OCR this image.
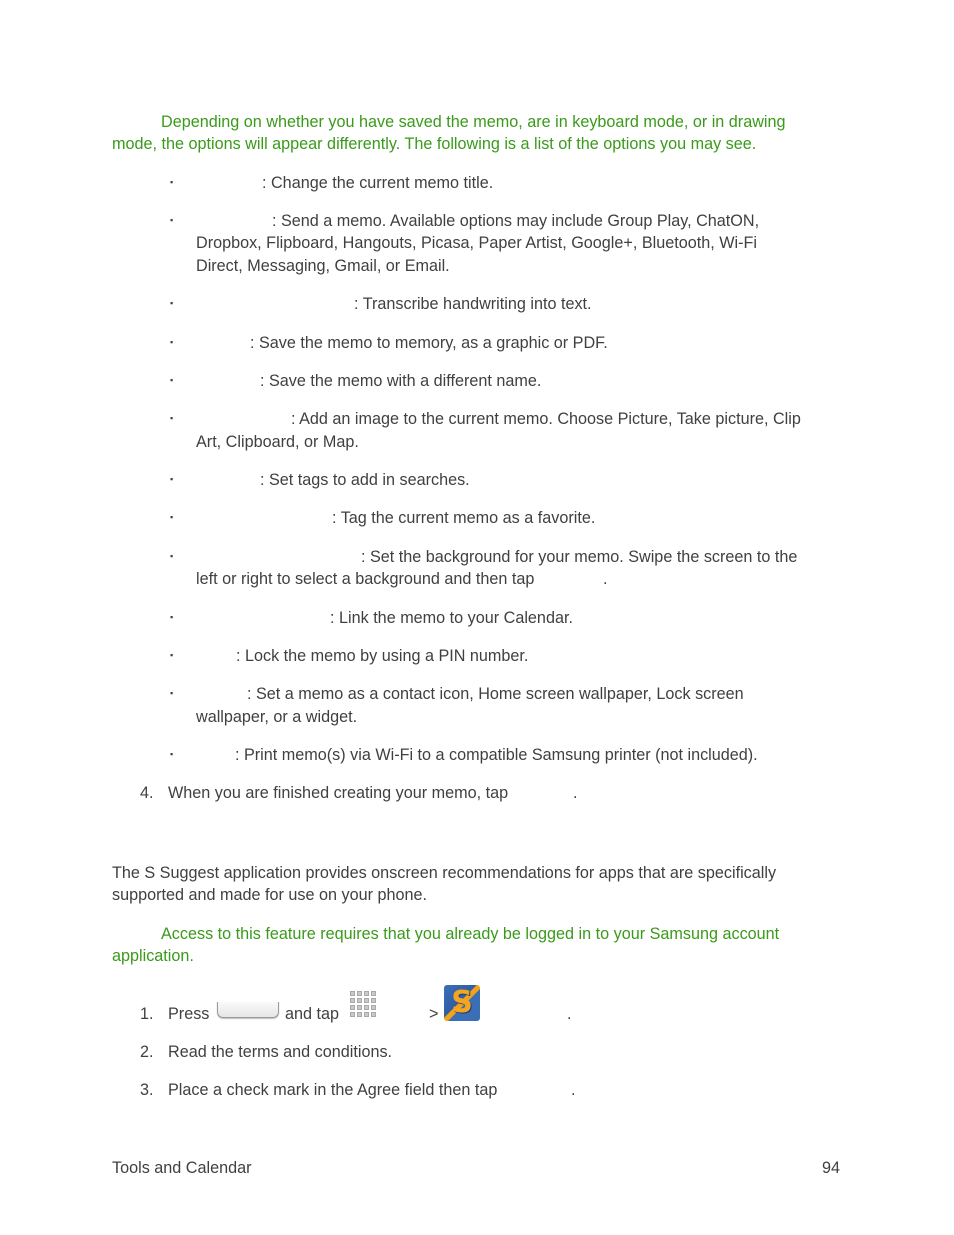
Depending on whether you have saved the memo, are in keyboard mode, or in drawing
mode, the options will appear differently. The following is a list of the options you may see.
▪	: Change the current memo title.
▪	: Send a memo. Available options may include Group Play, ChatON,
Dropbox, Flipboard, Hangouts, Picasa, Paper Artist, Google+, Bluetooth, Wi-Fi
Direct, Messaging, Gmail, or Email.
▪	: Transcribe handwriting into text.
▪	: Save the memo to memory, as a graphic or PDF.
▪	: Save the memo with a different name.
▪	: Add an image to the current memo. Choose Picture, Take picture, Clip
Art, Clipboard, or Map.
▪	: Set tags to add in searches.
▪	: Tag the current memo as a favorite.
▪	: Set the background for your memo. Swipe the screen to the
left or right to select a background and then tap	.
▪	: Link the memo to your Calendar.
▪	: Lock the memo by using a PIN number.
▪	: Set a memo as a contact icon, Home screen wallpaper, Lock screen
wallpaper, or a widget.
▪	: Print memo(s) via Wi-Fi to a compatible Samsung printer (not included).
4. When you are finished creating your memo, tap	.
The S Suggest application provides onscreen recommendations for apps that are specifically
supported and made for use on your phone.
Access to this feature requires that you already be logged in to your Samsung account
application.
1. Press	and tap	> S	.
2. Read the terms and conditions.
3. Place a check mark in the Agree field then tap	.
Tools and Calendar	94
